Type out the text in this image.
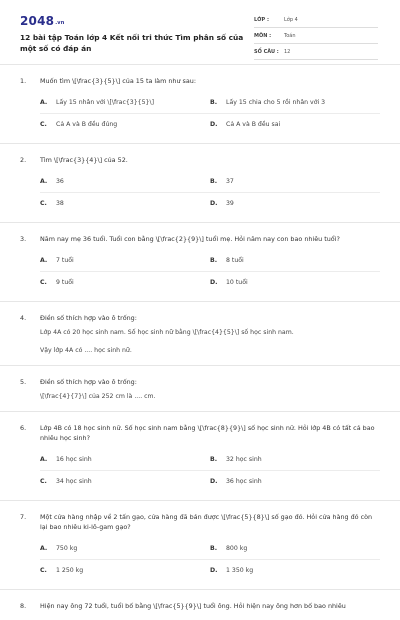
$2048^{.vn}$
12 bài tập Toán lớp 4 Kết nối tri thức Tìm phân số của một số có đáp án
LỚP :	Lớp 4
MÔN :	Toán
SỐ CÂU : 12
1.	Muốn tìm \[\frac{3}{5}\] của 15 ta làm như sau:
A.	Lấy 15 nhân với \[\frac{3}{5}\]	B.	Lấy 15 chia cho 5 rồi nhân với 3
C.	Cả A và B đều đúng	D.	Cả A và B đều sai
2.	Tìm \[\frac{3}{4}\] của 52.
A.	36	B.	37
C.	38	D.	39
3.	Năm nay mẹ 36 tuổi. Tuổi con bằng \[\frac{2}{9}\] tuổi mẹ. Hỏi năm nay con bao nhiêu tuổi?
A.	7 tuổi	B.	8 tuổi
C.	9 tuổi	D.	10 tuổi
4.	Điền số thích hợp vào ô trống:
Lớp 4A có 20 học sinh nam. Số học sinh nữ bằng \[\frac{4}{5}\] số học sinh nam.
Vậy lớp 4A có .... học sinh nữ.
5.	Điền số thích hợp vào ô trống:
\[\frac{4}{7}\] của 252 cm là .... cm.
6.	Lớp 4B có 18 học sinh nữ. Số học sinh nam bằng \[\frac{8}{9}\] số học sinh nữ. Hỏi lớp 4B có tất cả bao nhiêu học sinh?
A.	16 học sinh	B.	32 học sinh
C.	34 học sinh	D.	36 học sinh
7.	Một cửa hàng nhập về 2 tấn gạo, cửa hàng đã bán được \[\frac{5}{8}\] số gạo đó. Hỏi cửa hàng đó còn lại bao nhiêu ki-lô-gam gạo?
A.	750 kg	B.	800 kg
C.	1 250 kg	D.	1 350 kg
8.	Hiện nay ông 72 tuổi, tuổi bố bằng \[\frac{5}{9}\] tuổi ông. Hỏi hiện nay ông hơn bố bao nhiêu
